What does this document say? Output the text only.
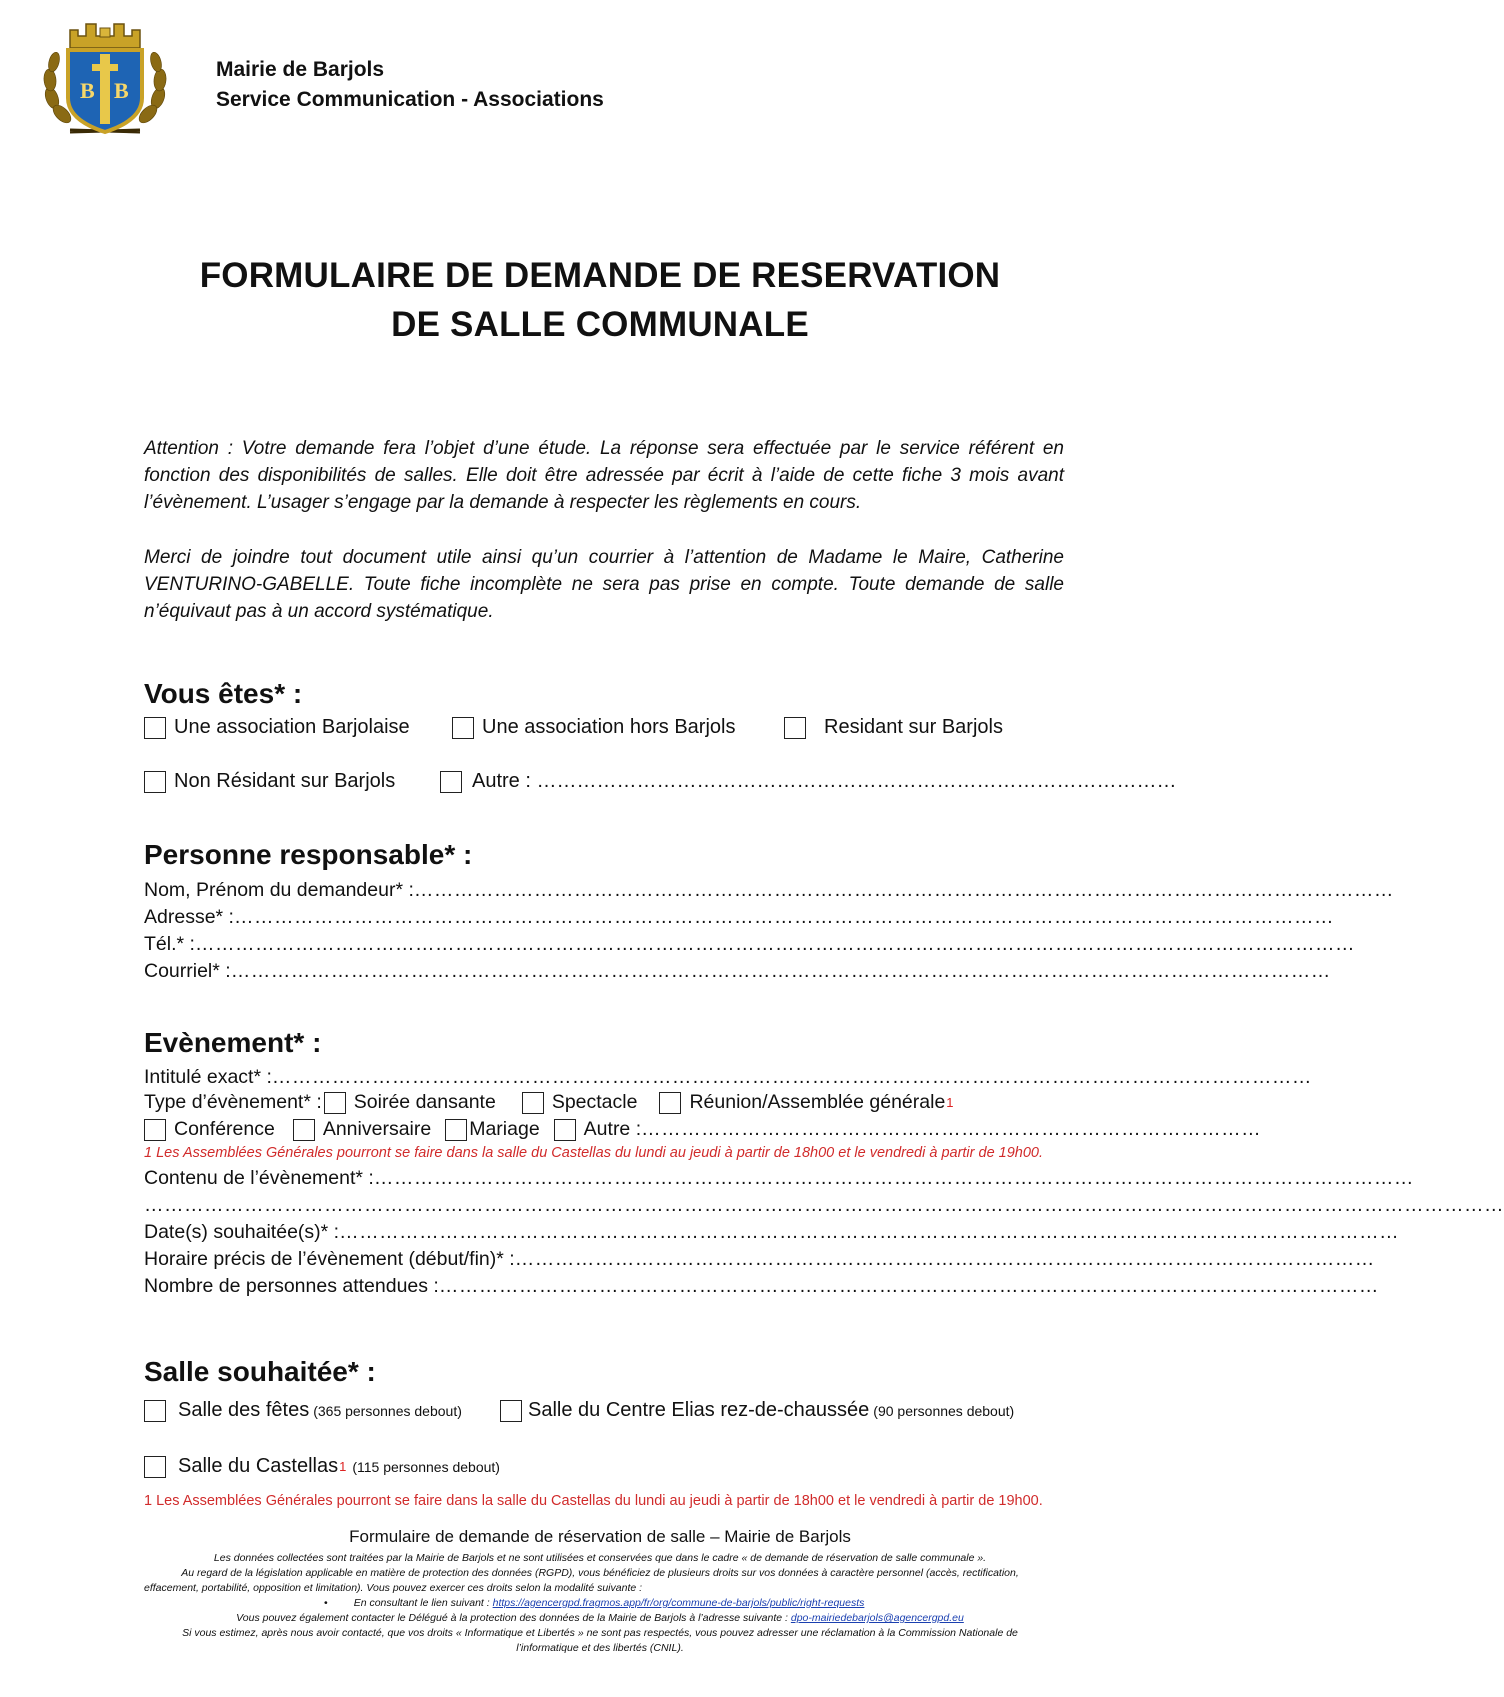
B B
Mairie de Barjols
Service Communication - Associations
FORMULAIRE DE DEMANDE DE RESERVATION
DE SALLE COMMUNALE
Attention : Votre demande fera l’objet d’une étude. La réponse sera effectuée par le service référent en fonction des disponibilités de salles. Elle doit être adressée par écrit à l’aide de cette fiche 3 mois avant l’évènement. L’usager s’engage par la demande à respecter les règlements en cours.
Merci de joindre tout document utile ainsi qu’un courrier à l’attention de Madame le Maire, Catherine VENTURINO-GABELLE. Toute fiche incomplète ne sera pas prise en compte. Toute demande de salle n’équivaut pas à un accord systématique.
Vous êtes* :
Une association Barjolaise	Une association hors Barjols	Residant sur Barjols
Non Résidant sur Barjols	Autre : ……………………………………………………………………………………
Personne responsable* :
Nom, Prénom du demandeur* : …………………………………………………………………………………………………………………………………
Adresse* : …………………………………………………………………………………………………………………………………………………
Tél.* : …………………………………………………………………………………………………………………………………………………………
Courriel* : …………………………………………………………………………………………………………………………………………………
Evènement* :
Intitulé exact* : …………………………………………………………………………………………………………………………………………
Type d’évènement* : Soirée dansante	Spectacle	Réunion/Assemblée générale 1
Conférence Anniversaire Mariage Autre : …………………………………………………………………………………
1 Les Assemblées Générales pourront se faire dans la salle du Castellas du lundi au jeudi à partir de 18h00 et le vendredi à partir de 19h00.
Contenu de l’évènement* : …………………………………………………………………………………………………………………………………………
……………………………………………………………………………………………………………………………………………………………………………………
Date(s) souhaitée(s)* : ……………………………………………………………………………………………………………………………………………
Horaire précis de l’évènement (début/fin)* : …………………………………………………………………………………………………………………
Nombre de personnes attendues : ……………………………………………………………………………………………………………………………
Salle souhaitée* :
Salle des fêtes (365 personnes debout)	Salle du Centre Elias rez-de-chaussée (90 personnes debout)
Salle du Castellas 1 (115 personnes debout)
1 Les Assemblées Générales pourront se faire dans la salle du Castellas du lundi au jeudi à partir de 18h00 et le vendredi à partir de 19h00.
Formulaire de demande de réservation de salle – Mairie de Barjols
Les données collectées sont traitées par la Mairie de Barjols et ne sont utilisées et conservées que dans le cadre « de demande de réservation de salle communale ».
Au regard de la législation applicable en matière de protection des données (RGPD), vous bénéficiez de plusieurs droits sur vos données à caractère personnel (accès, rectification,
effacement, portabilité, opposition et limitation). Vous pouvez exercer ces droits selon la modalité suivante :
• En consultant le lien suivant : https://agencergpd.fragmos.app/fr/org/commune-de-barjols/public/right-requests
Vous pouvez également contacter le Délégué à la protection des données de la Mairie de Barjols à l’adresse suivante : dpo-mairiedebarjols@agencergpd.eu
Si vous estimez, après nous avoir contacté, que vos droits « Informatique et Libertés » ne sont pas respectés, vous pouvez adresser une réclamation à la Commission Nationale de
l’informatique et des libertés (CNIL).
